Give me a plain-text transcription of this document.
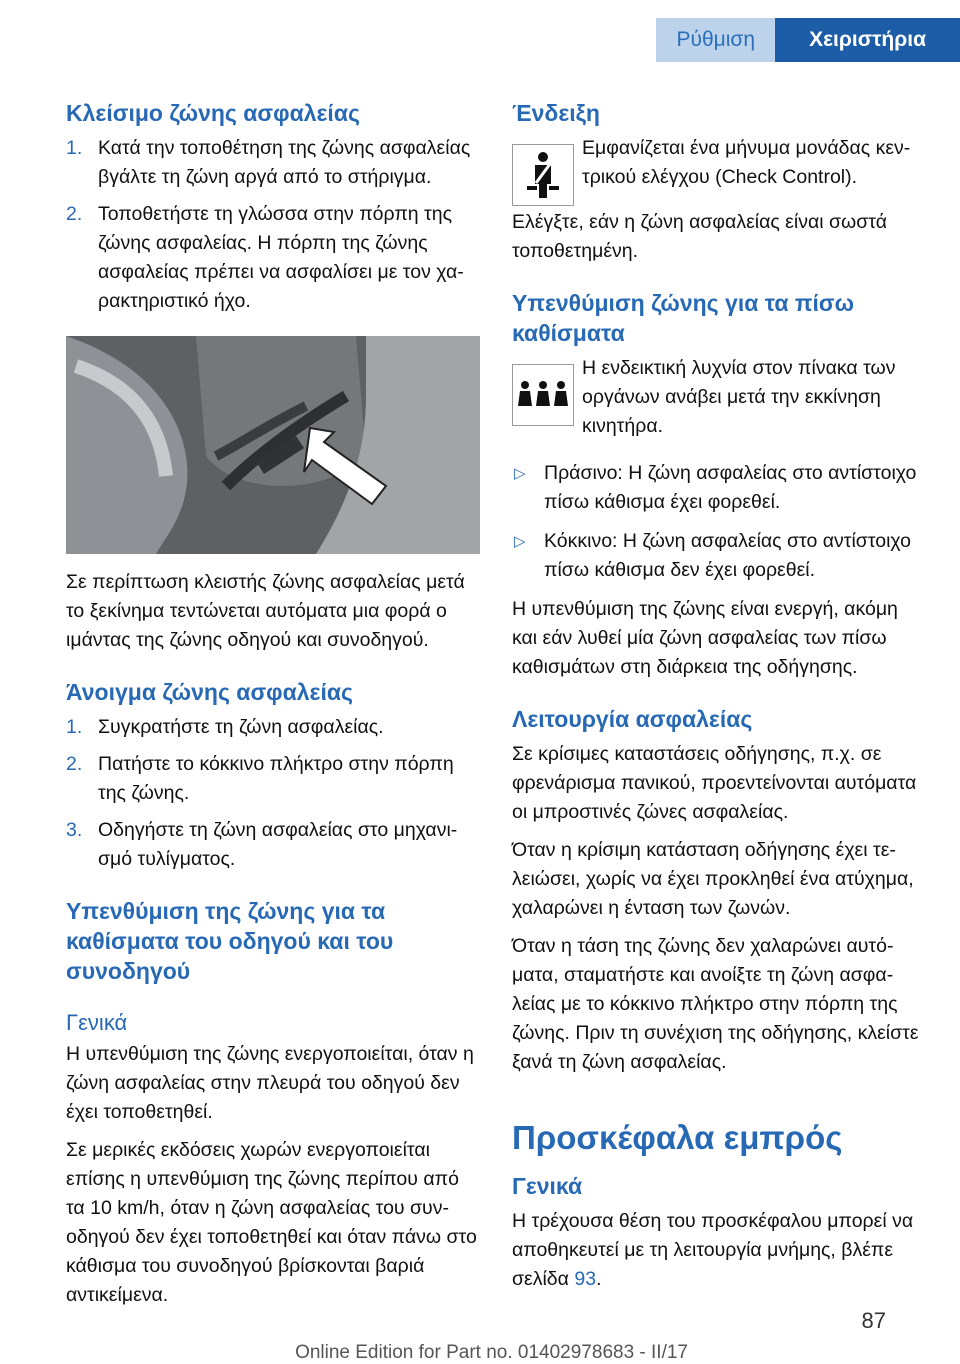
Ρύθμιση	Χειριστήρια
Κλείσιμο ζώνης ασφαλείας
1. Κατά την τοποθέτηση της ζώνης ασφαλείας βγάλτε τη ζώνη αργά από το στήριγμα.
2. Τοποθετήστε τη γλώσσα στην πόρπη της ζώνης ασφαλείας. Η πόρπη της ζώνης ασφαλείας πρέπει να ασφαλίσει με τον χαρακτηριστικό ήχο.

Σε περίπτωση κλειστής ζώνης ασφαλείας μετά το ξεκίνημα τεντώνεται αυτόματα μια φορά ο ιμάντας της ζώνης οδηγού και συνοδηγού.

Άνοιγμα ζώνης ασφαλείας
1. Συγκρατήστε τη ζώνη ασφαλείας.
2. Πατήστε το κόκκινο πλήκτρο στην πόρπη της ζώνης.
3. Οδηγήστε τη ζώνη ασφαλείας στο μηχανισμό τυλίγματος.
Υπενθύμιση της ζώνης για τα καθίσματα του οδηγού και του συνοδηγού
Γενικά

Η υπενθύμιση της ζώνης ενεργοποιείται, όταν η ζώνη ασφαλείας στην πλευρά του οδηγού δεν έχει τοποθετηθεί.

Σε μερικές εκδόσεις χωρών ενεργοποιείται επίσης η υπενθύμιση της ζώνης περίπου από τα 10 km/h, όταν η ζώνη ασφαλείας του συνοδηγού δεν έχει τοποθετηθεί και όταν πάνω στο κάθισμα του συνοδηγού βρίσκονται βαριά αντικείμενα.

Ένδειξη
Εμφανίζεται ένα μήνυμα μονάδας κεντρικού ελέγχου (Check Control).

Ελέγξτε, εάν η ζώνη ασφαλείας είναι σωστά τοποθετημένη.

Υπενθύμιση ζώνης για τα πίσω καθίσματα
Η ενδεικτική λυχνία στον πίνακα των οργάνων ανάβει μετά την εκκίνηση κινητήρα.
▷ Πράσινο: Η ζώνη ασφαλείας στο αντίστοιχο πίσω κάθισμα έχει φορεθεί.
▷ Κόκκινο: Η ζώνη ασφαλείας στο αντίστοιχο πίσω κάθισμα δεν έχει φορεθεί.

Η υπενθύμιση της ζώνης είναι ενεργή, ακόμη και εάν λυθεί μία ζώνη ασφαλείας των πίσω καθισμάτων στη διάρκεια της οδήγησης.

Λειτουργία ασφαλείας

Σε κρίσιμες καταστάσεις οδήγησης, π.χ. σε φρενάρισμα πανικού, προεντείνονται αυτόματα οι μπροστινές ζώνες ασφαλείας.

Όταν η κρίσιμη κατάσταση οδήγησης έχει τελειώσει, χωρίς να έχει προκληθεί ένα ατύχημα, χαλαρώνει η ένταση των ζωνών.

Όταν η τάση της ζώνης δεν χαλαρώνει αυτόματα, σταματήστε και ανοίξτε τη ζώνη ασφαλείας με το κόκκινο πλήκτρο στην πόρπη της ζώνης. Πριν τη συνέχιση της οδήγησης, κλείστε ξανά τη ζώνη ασφαλείας.

Προσκέφαλα εμπρός
Γενικά

Η τρέχουσα θέση του προσκέφαλου μπορεί να αποθηκευτεί με τη λειτουργία μνήμης, βλέπε σελίδα 93.

87
Online Edition for Part no. 01402978683 - II/17
